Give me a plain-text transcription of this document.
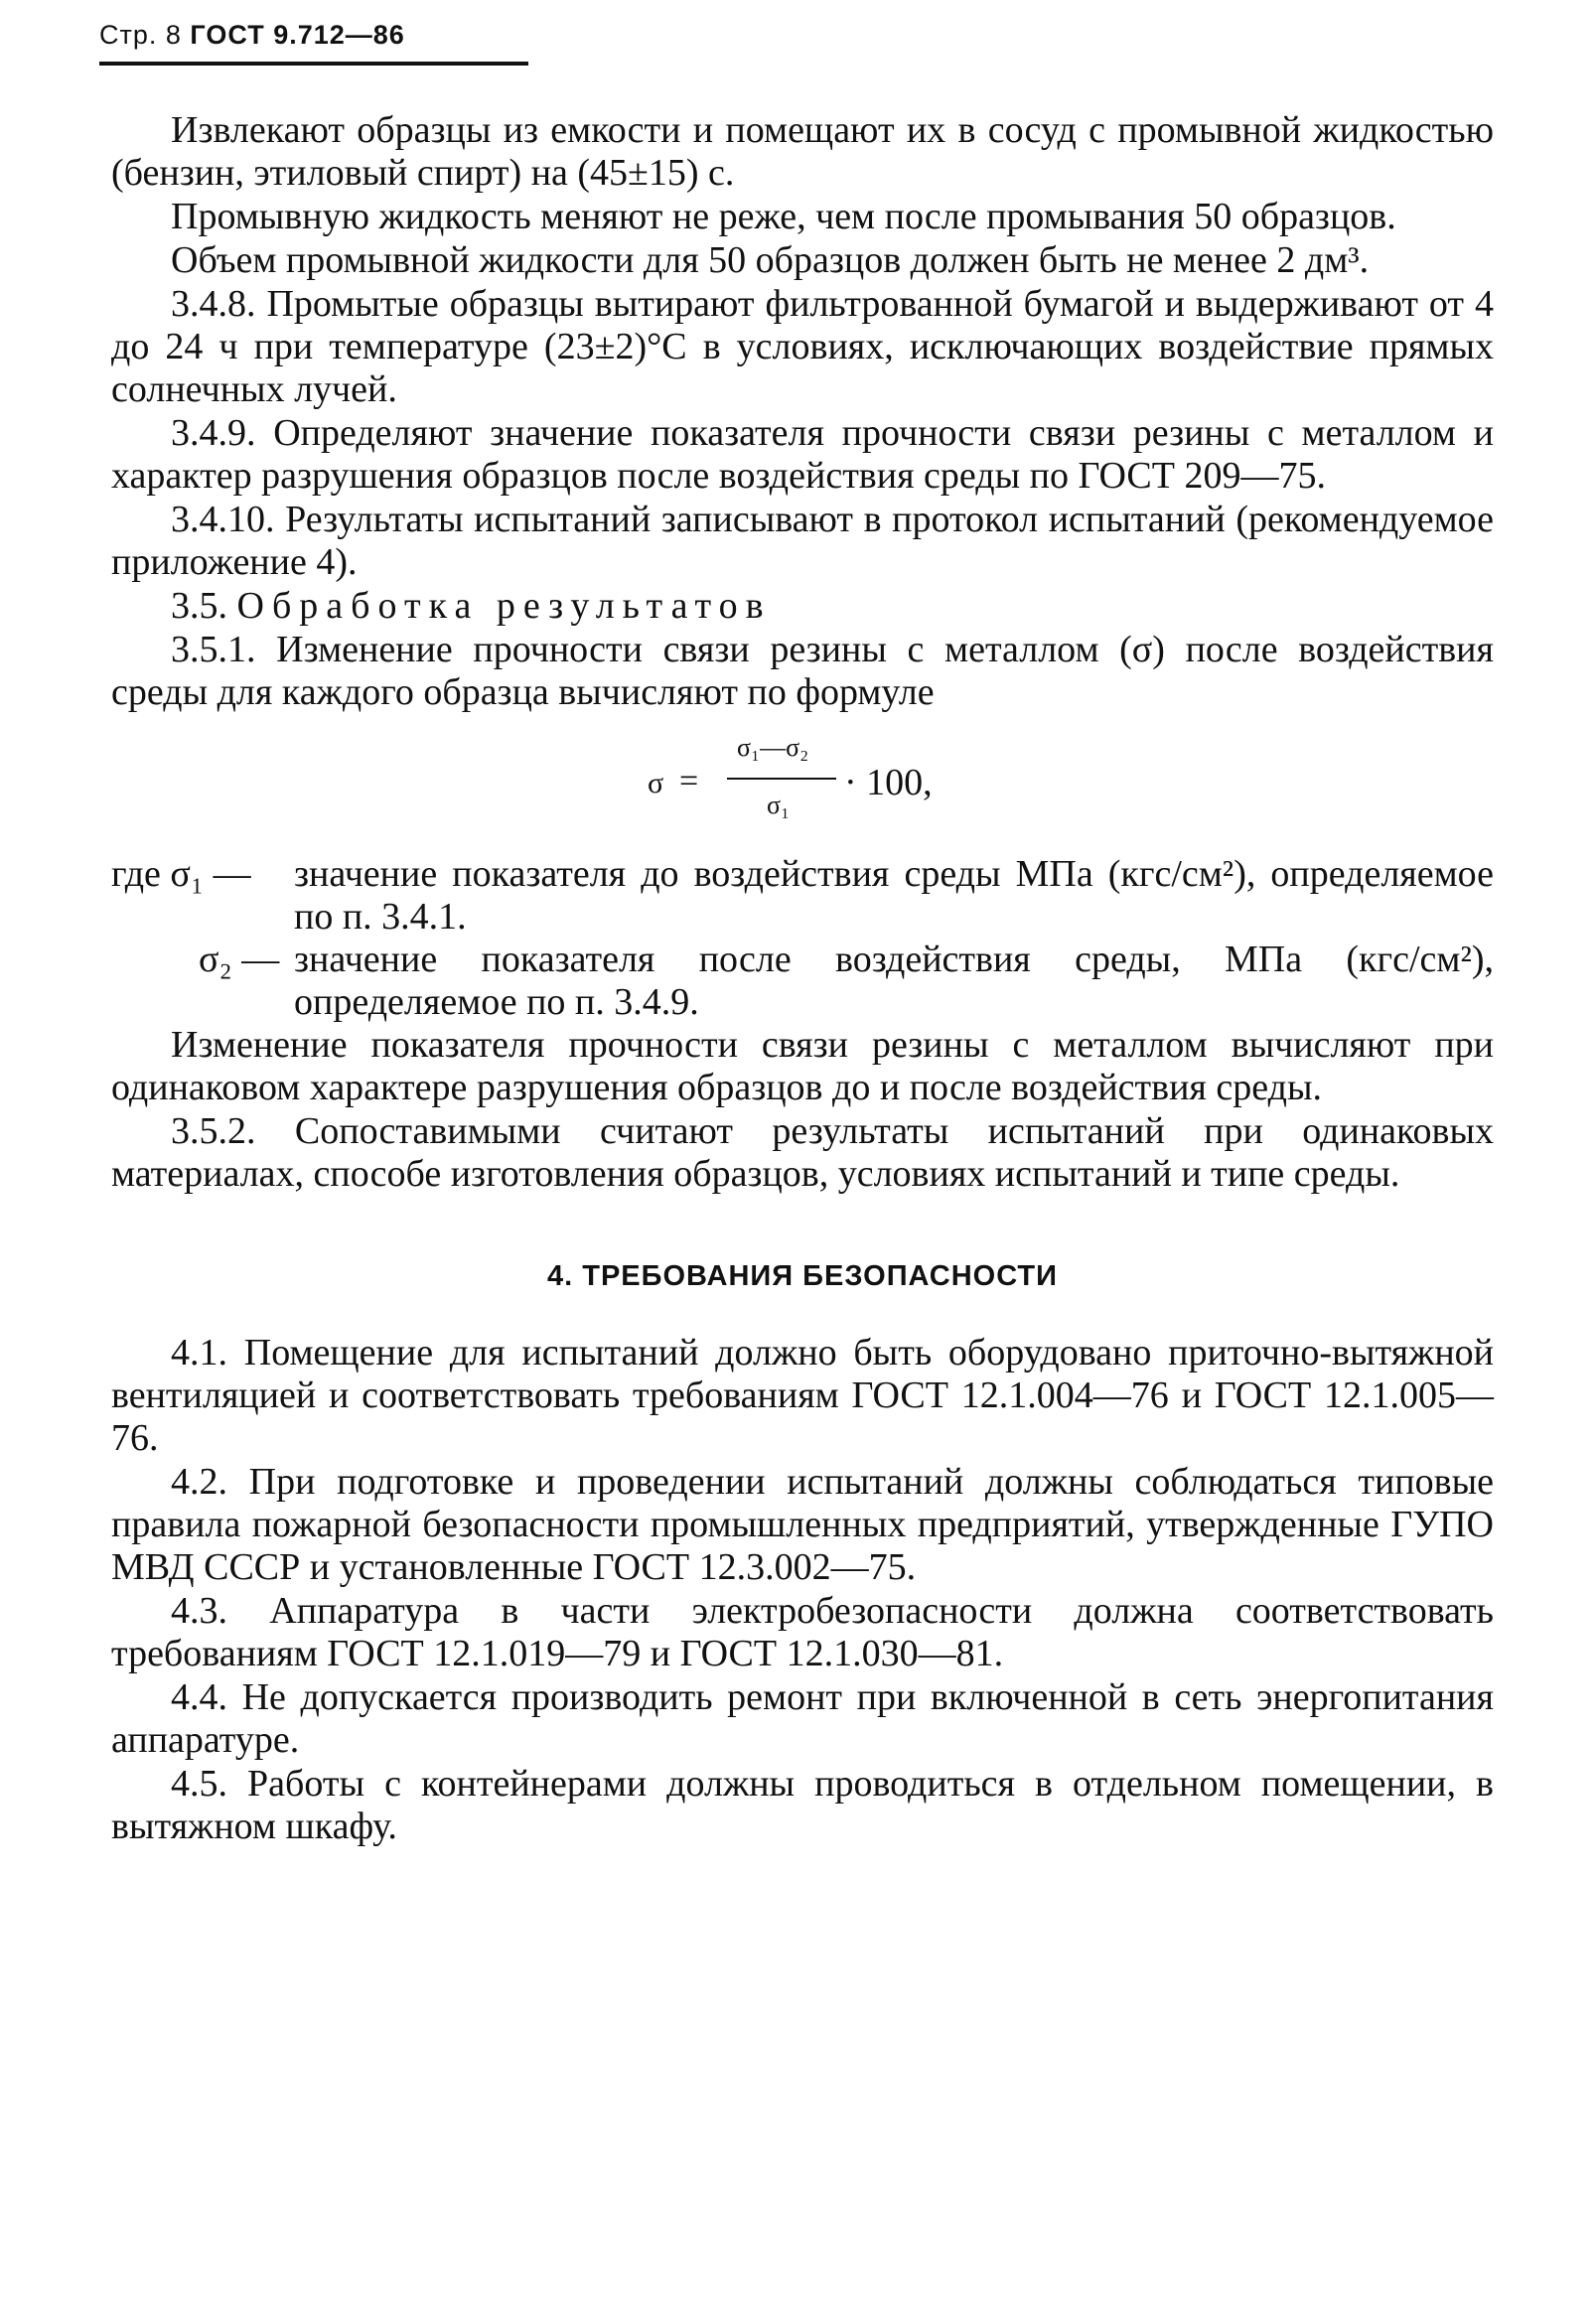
Стр. 8 ГОСТ 9.712—86

Извлекают образцы из емкости и помещают их в сосуд с промывной жидкостью (бензин, этиловый спирт) на (45±15) с.

Промывную жидкость меняют не реже, чем после промывания 50 образцов.

Объем промывной жидкости для 50 образцов должен быть не менее 2 дм³.

3.4.8. Промытые образцы вытирают фильтрованной бумагой и выдерживают от 4 до 24 ч при температуре (23±2)°C в условиях, исключающих воздействие прямых солнечных лучей.

3.4.9. Определяют значение показателя прочности связи резины с металлом и характер разрушения образцов после воздействия среды по ГОСТ 209—75.

3.4.10. Результаты испытаний записывают в протокол испытаний (рекомендуемое приложение 4).

3.5. Обработка результатов

3.5.1. Изменение прочности связи резины с металлом (σ) после воздействия среды для каждого образца вычисляют по формуле

σ =
σ₁—σ₂
σ₁
· 100,
где σ₁ — значение показателя до воздействия среды МПа (кгс/см²), определяемое по п. 3.4.1.
σ₂ — значение показателя после воздействия среды, МПа (кгс/см²), определяемое по п. 3.4.9.

Изменение показателя прочности связи резины с металлом вычисляют при одинаковом характере разрушения образцов до и после воздействия среды.

3.5.2. Сопоставимыми считают результаты испытаний при одинаковых материалах, способе изготовления образцов, условиях испытаний и типе среды.

4. ТРЕБОВАНИЯ БЕЗОПАСНОСТИ

4.1. Помещение для испытаний должно быть оборудовано приточно-вытяжной вентиляцией и соответствовать требованиям ГОСТ 12.1.004—76 и ГОСТ 12.1.005—76.

4.2. При подготовке и проведении испытаний должны соблюдаться типовые правила пожарной безопасности промышленных предприятий, утвержденные ГУПО МВД СССР и установленные ГОСТ 12.3.002—75.

4.3. Аппаратура в части электробезопасности должна соответствовать требованиям ГОСТ 12.1.019—79 и ГОСТ 12.1.030—81.

4.4. Не допускается производить ремонт при включенной в сеть энергопитания аппаратуре.

4.5. Работы с контейнерами должны проводиться в отдельном помещении, в вытяжном шкафу.
